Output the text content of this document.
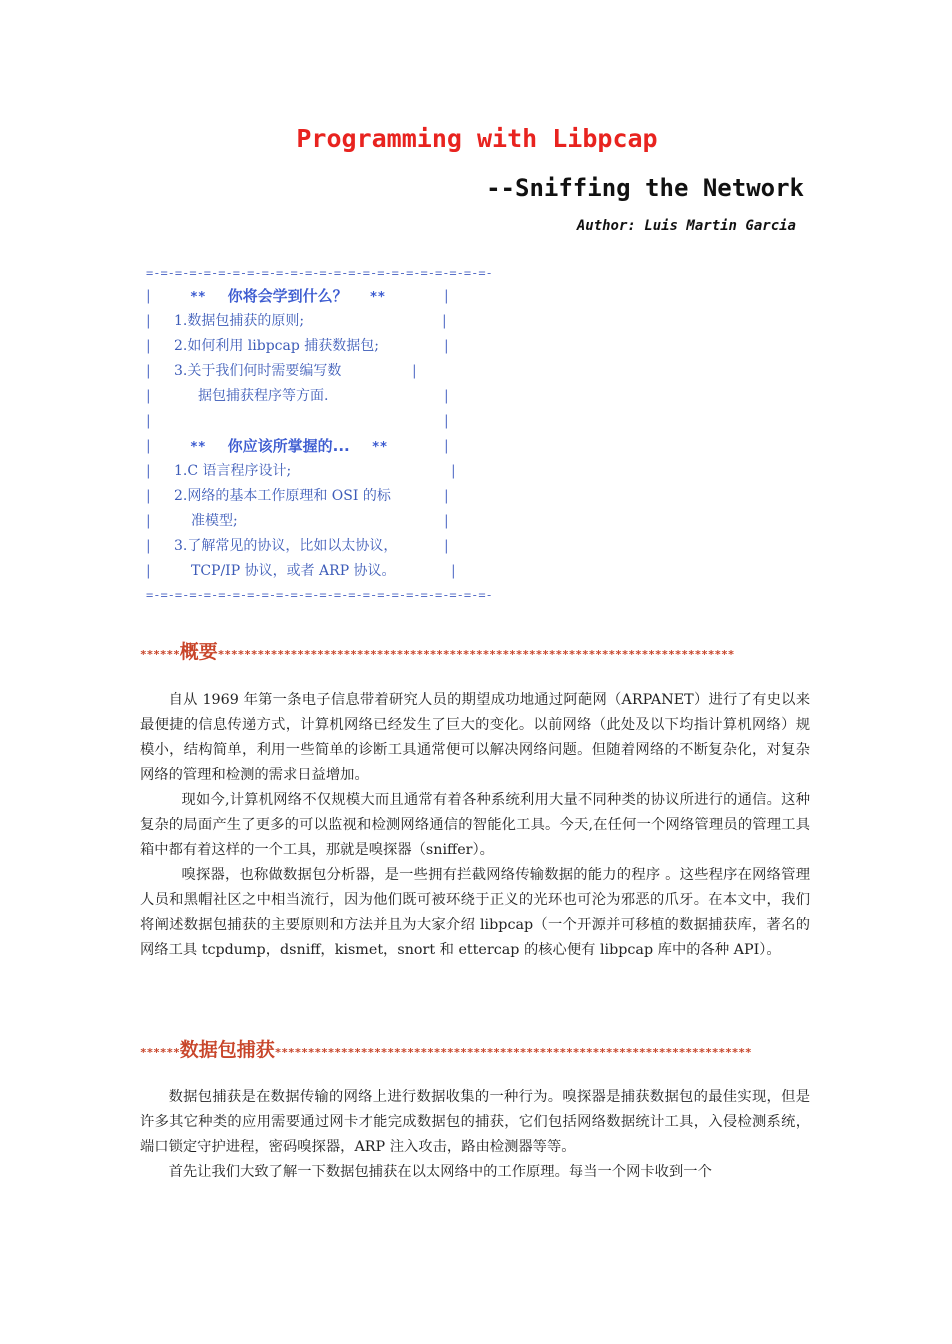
Programming with Libpcap
--Sniffing the Network
Author: Luis Martin Garcia
=-=-=-=-=-=-=-=-=-=-=-=-=-=-=-=-=-=-=-=-=-=-=-=-
|	** 你将会学到什么？ **	|
| 1.数据包捕获的原则;	|
| 2.如何利用 libpcap 捕获数据包;	|
| 3.关于我们何时需要编写数	|
|	据包捕获程序等方面.	|
|	|
|	** 你应该所掌握的... **	|
| 1.C 语言程序设计;	|
| 2.网络的基本工作原理和 OSI 的标	|
|	准模型;	|
| 3.了解常见的协议，比如以太协议，	|
|	TCP/IP 协议，或者 ARP 协议。	|
=-=-=-=-=-=-=-=-=-=-=-=-=-=-=-=-=-=-=-=-=-=-=-=-
******概要******************************************************************************

自从 1969 年第一条电子信息带着研究人员的期望成功地通过阿葩网（ARPANET）进行了有史以来最便捷的信息传递方式，计算机网络已经发生了巨大的变化。以前网络（此处及以下均指计算机网络）规模小，结构简单，利用一些简单的诊断工具通常便可以解决网络问题。但随着网络的不断复杂化，对复杂网络的管理和检测的需求日益增加。

现如今,计算机网络不仅规模大而且通常有着各种系统利用大量不同种类的协议所进行的通信。这种复杂的局面产生了更多的可以监视和检测网络通信的智能化工具。今天,在任何一个网络管理员的管理工具箱中都有着这样的一个工具，那就是嗅探器（sniffer）。

嗅探器，也称做数据包分析器，是一些拥有拦截网络传输数据的能力的程序 。这些程序在网络管理人员和黑帽社区之中相当流行，因为他们既可被环绕于正义的光环也可沦为邪恶的爪牙。在本文中，我们将阐述数据包捕获的主要原则和方法并且为大家介绍 libpcap（一个开源并可移植的数据捕获库，著名的网络工具 tcpdump，dsniff，kismet，snort 和 ettercap 的核心便有 libpcap 库中的各种 API）。

******数据包捕获************************************************************************

数据包捕获是在数据传输的网络上进行数据收集的一种行为。嗅探器是捕获数据包的最佳实现，但是许多其它种类的应用需要通过网卡才能完成数据包的捕获，它们包括网络数据统计工具，入侵检测系统，端口锁定守护进程，密码嗅探器，ARP 注入攻击，路由检测器等等。

首先让我们大致了解一下数据包捕获在以太网络中的工作原理。每当一个网卡收到一个
